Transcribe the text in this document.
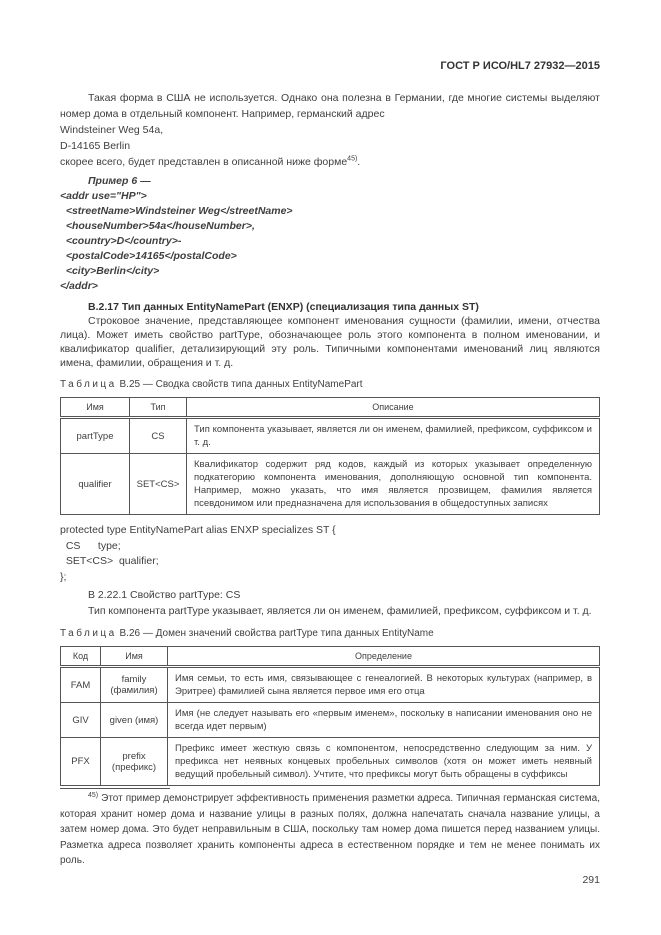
ГОСТ Р ИСО/HL7 27932—2015

Такая форма в США не используется. Однако она полезна в Германии, где многие системы выделяют номер дома в отдельный компонент. Например, германский адрес

Windsteiner Weg 54a,

D-14165 Berlin

скорее всего, будет представлен в описанной ниже форме$^{45)}$.

Пример 6 —

<addr use="HP">
<streetName>Windsteiner Weg</streetName>
<houseNumber>54a</houseNumber>,
<country>D</country>-
<postalCode>14165</postalCode>
<city>Berlin</city>
</addr>

В.2.17 Тип данных EntityNamePart (ENXP) (специализация типа данных ST)

Строковое значение, представляющее компонент именования сущности (фамилии, имени, отчества лица). Может иметь свойство partType, обозначающее роль этого компонента в полном именовании, и квалификатор qualifier, детализирующий эту роль. Типичными компонентами именований лиц являются имена, фамилии, обращения и т. д.

Таблица В.25 — Сводка свойств типа данных EntityNamePart

Имя	Тип	Описание
partType	CS	Тип компонента указывает, является ли он именем, фамилией, префиксом, суффиксом и т. д.
qualifier	SET<CS>	Квалификатор содержит ряд кодов, каждый из которых указывает определенную подкатегорию компонента именования, дополняющую основной тип компонента. Например, можно указать, что имя является прозвищем, фамилия является псевдонимом или предназначена для использования в общедоступных записях
protected type EntityNamePart alias ENXP specializes ST {
CS      type;
SET<CS>  qualifier;
};

В 2.22.1 Свойство partType: CS

Тип компонента partType указывает, является ли он именем, фамилией, префиксом, суффиксом и т. д.

Таблица В.26 — Домен значений свойства partType типа данных EntityName

Код	Имя	Определение
FAM	family (фамилия)	Имя семьи, то есть имя, связывающее с генеалогией. В некоторых культурах (например, в Эритрее) фамилией сына является первое имя его отца
GIV	given (имя)	Имя (не следует называть его «первым именем», поскольку в написании именования оно не всегда идет первым)
PFX	prefix (префикс)	Префикс имеет жесткую связь с компонентом, непосредственно следующим за ним. У префикса нет неявных концевых пробельных символов (хотя он может иметь неявный ведущий пробельный символ). Учтите, что префиксы могут быть обращены в суффиксы

$^{45)}$ Этот пример демонстрирует эффективность применения разметки адреса. Типичная германская система, которая хранит номер дома и название улицы в разных полях, должна напечатать сначала название улицы, а затем номер дома. Это будет неправильным в США, поскольку там номер дома пишется перед названием улицы. Разметка адреса позволяет хранить компоненты адреса в естественном порядке и тем не менее понимать их роль.

291
